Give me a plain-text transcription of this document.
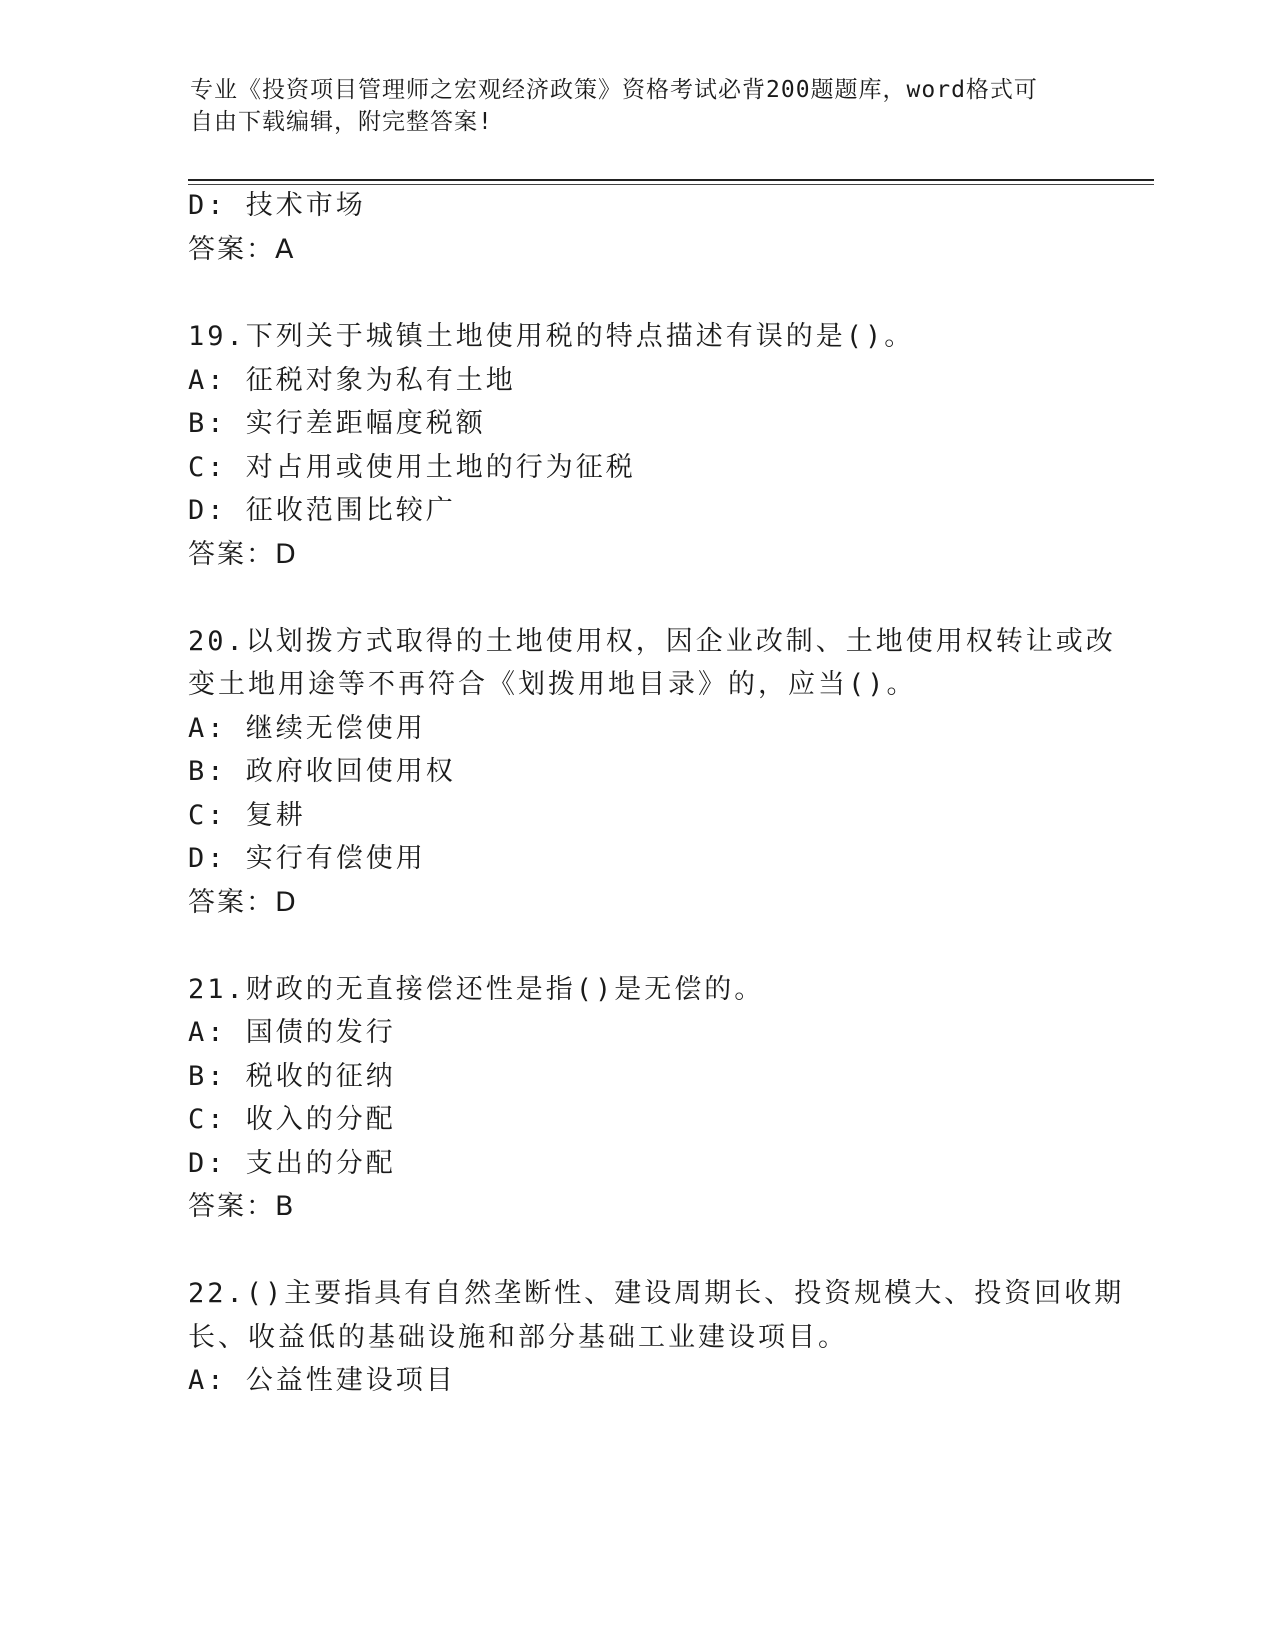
专业《投资项目管理师之宏观经济政策》资格考试必背200题题库，word格式可
自由下载编辑，附完整答案!
D: 技术市场
答案：A
19.下列关于城镇土地使用税的特点描述有误的是()。
A: 征税对象为私有土地
B: 实行差距幅度税额
C: 对占用或使用土地的行为征税
D: 征收范围比较广
答案：D
20.以划拨方式取得的土地使用权，因企业改制、土地使用权转让或改
变土地用途等不再符合《划拨用地目录》的，应当()。
A: 继续无偿使用
B: 政府收回使用权
C: 复耕
D: 实行有偿使用
答案：D
21.财政的无直接偿还性是指()是无偿的。
A: 国债的发行
B: 税收的征纳
C: 收入的分配
D: 支出的分配
答案：B
22.()主要指具有自然垄断性、建设周期长、投资规模大、投资回收期
长、收益低的基础设施和部分基础工业建设项目。
A: 公益性建设项目
